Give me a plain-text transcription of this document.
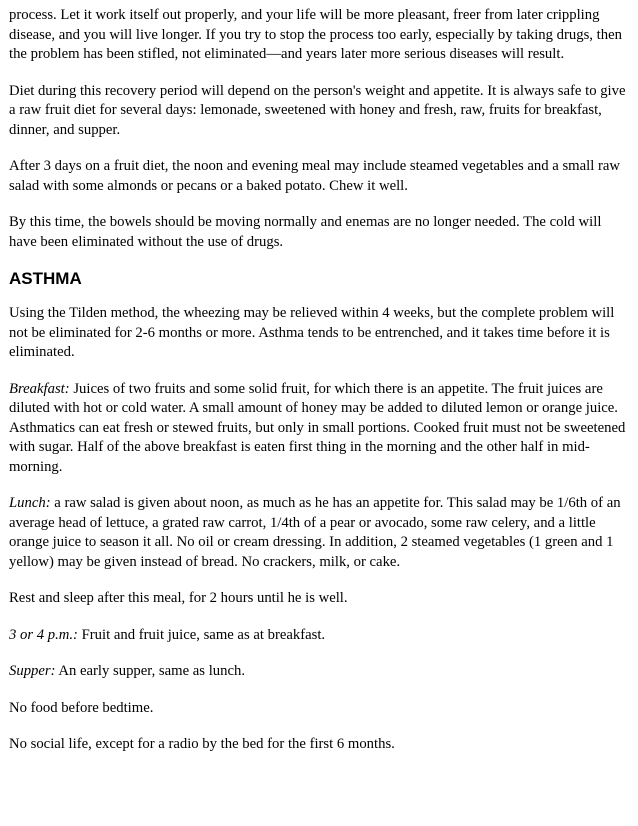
process. Let it work itself out properly, and your life will be more pleasant, freer from later crippling disease, and you will live longer. If you try to stop the process too early, especially by taking drugs, then the problem has been stifled, not eliminated—and years later more serious diseases will result.

Diet during this recovery period will depend on the person's weight and appetite. It is always safe to give a raw fruit diet for several days: lemonade, sweetened with honey and fresh, raw, fruits for breakfast, dinner, and supper.

After 3 days on a fruit diet, the noon and evening meal may include steamed vegetables and a small raw salad with some almonds or pecans or a baked potato. Chew it well.

By this time, the bowels should be moving normally and enemas are no longer needed. The cold will have been eliminated without the use of drugs.

ASTHMA

Using the Tilden method, the wheezing may be relieved within 4 weeks, but the complete problem will not be eliminated for 2-6 months or more. Asthma tends to be entrenched, and it takes time before it is eliminated.

Breakfast: Juices of two fruits and some solid fruit, for which there is an appetite. The fruit juices are diluted with hot or cold water. A small amount of honey may be added to diluted lemon or orange juice. Asthmatics can eat fresh or stewed fruits, but only in small portions. Cooked fruit must not be sweetened with sugar. Half of the above breakfast is eaten first thing in the morning and the other half in mid-morning.

Lunch: a raw salad is given about noon, as much as he has an appetite for. This salad may be 1/6th of an average head of lettuce, a grated raw carrot, 1/4th of a pear or avocado, some raw celery, and a little orange juice to season it all. No oil or cream dressing. In addition, 2 steamed vegetables (1 green and 1 yellow) may be given instead of bread. No crackers, milk, or cake.

Rest and sleep after this meal, for 2 hours until he is well.

3 or 4 p.m.: Fruit and fruit juice, same as at breakfast.

Supper: An early supper, same as lunch.

No food before bedtime.

No social life, except for a radio by the bed for the first 6 months.
